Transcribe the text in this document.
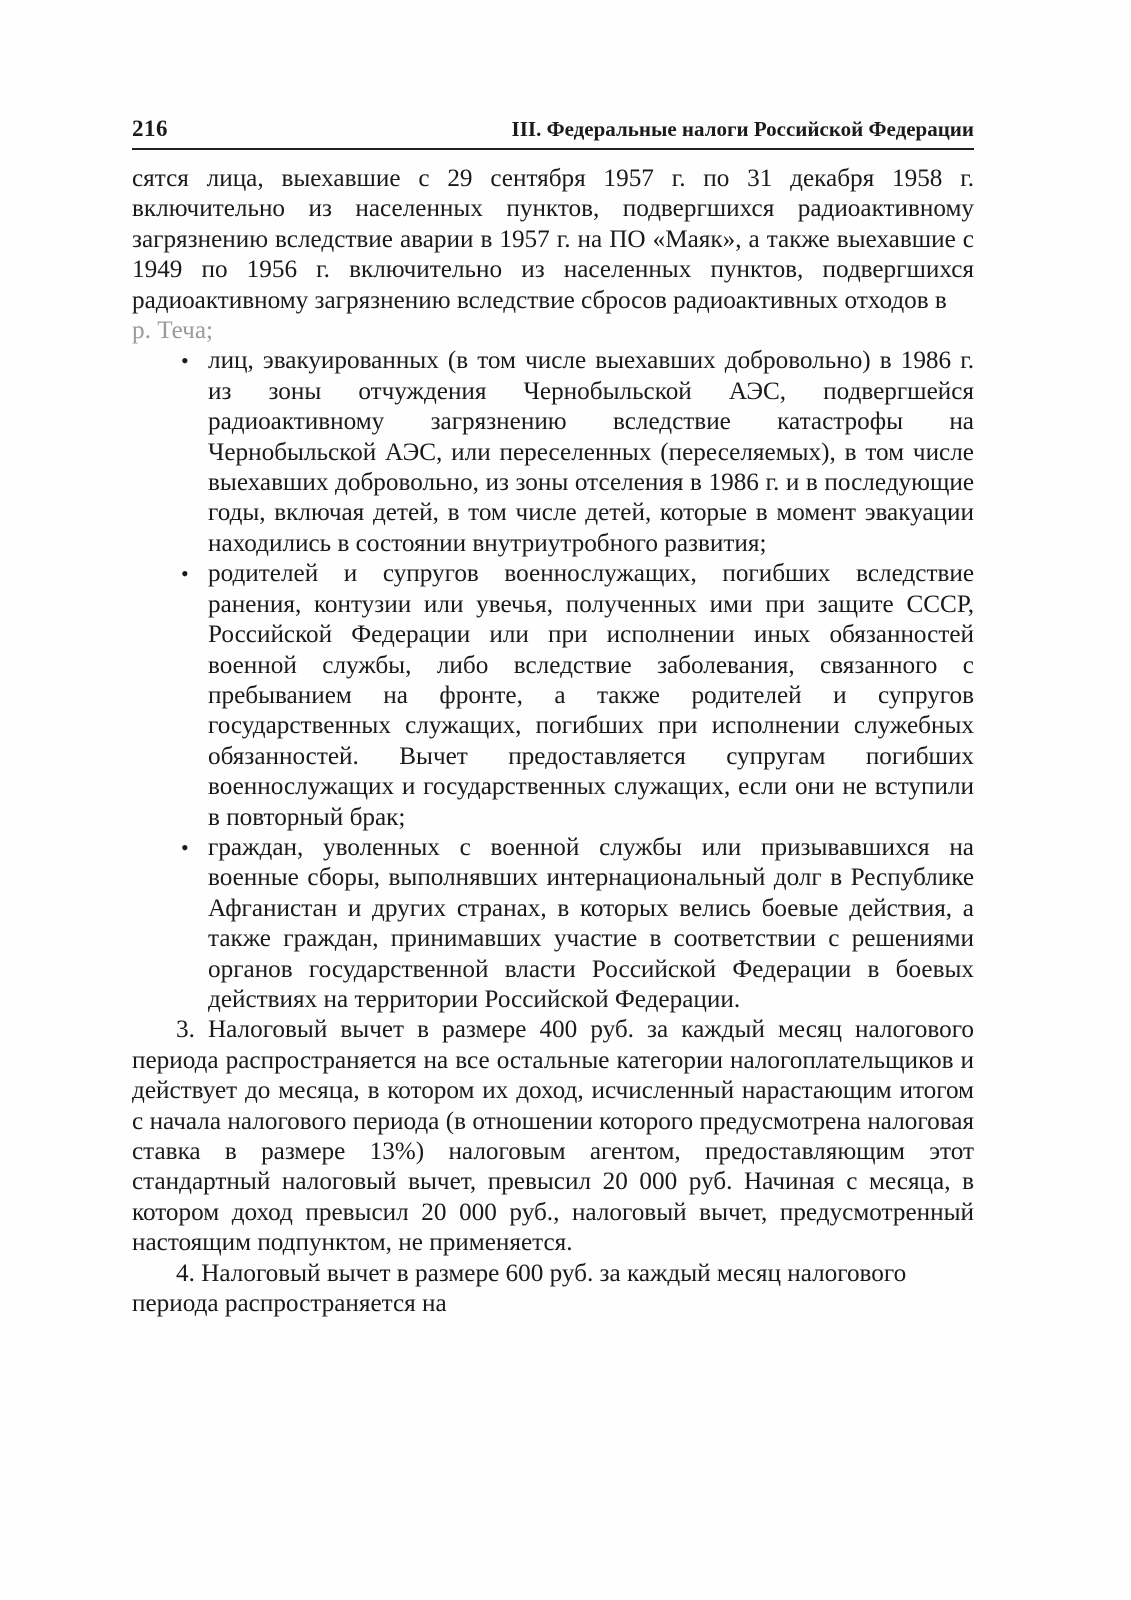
216	III. Федеральные налоги Российской Федерации

сятся лица, выехавшие с 29 сентября 1957 г. по 31 декабря 1958 г. включительно из населенных пунктов, подвергшихся радиоактивному загрязнению вследствие аварии в 1957 г. на ПО «Маяк», а также выехавшие с 1949 по 1956 г. включительно из населенных пунктов, подвергшихся радиоактивному загрязнению вследствие сбросов радиоактивных отходов в

р. Теча;

• лиц, эвакуированных (в том числе выехавших добровольно) в 1986 г. из зоны отчуждения Чернобыльской АЭС, подвергшейся радиоактивному загрязнению вследствие катастрофы на Чернобыльской АЭС, или переселенных (переселяемых), в том числе выехавших добровольно, из зоны отселения в 1986 г. и в последующие годы, включая детей, в том числе детей, которые в момент эвакуации находились в состоянии внутриутробного развития;
• родителей и супругов военнослужащих, погибших вследствие ранения, контузии или увечья, полученных ими при защите СССР, Российской Федерации или при исполнении иных обязанностей военной службы, либо вследствие заболевания, связанного с пребыванием на фронте, а также родителей и супругов государственных служащих, погибших при исполнении служебных обязанностей. Вычет предоставляется супругам погибших военнослужащих и государственных служащих, если они не вступили в повторный брак;
• граждан, уволенных с военной службы или призывавшихся на военные сборы, выполнявших интернациональный долг в Республике Афганистан и других странах, в которых велись боевые действия, а также граждан, принимавших участие в соответствии с решениями органов государственной власти Российской Федерации в боевых действиях на территории Российской Федерации.

3. Налоговый вычет в размере 400 руб. за каждый месяц налогового периода распространяется на все остальные категории налогоплательщиков и действует до месяца, в котором их доход, исчисленный нарастающим итогом с начала налогового периода (в отношении которого предусмотрена налоговая ставка в размере 13%) налоговым агентом, предоставляющим этот стандартный налоговый вычет, превысил 20 000 руб. Начиная с месяца, в котором доход превысил 20 000 руб., налоговый вычет, предусмотренный настоящим подпунктом, не применяется.

4. Налоговый вычет в размере 600 руб. за каждый месяц налогового периода распространяется на
